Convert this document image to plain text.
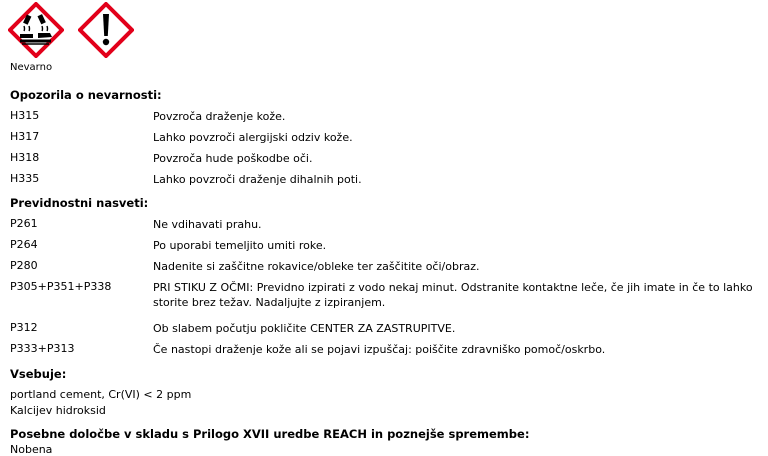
Nevarno
Opozorila o nevarnosti:
H315	Povzroča draženje kože.
H317	Lahko povzroči alergijski odziv kože.
H318	Povzroča hude poškodbe oči.
H335	Lahko povzroči draženje dihalnih poti.
Previdnostni nasveti:
P261	Ne vdihavati prahu.
P264	Po uporabi temeljito umiti roke.
P280	Nadenite si zaščitne rokavice/obleke ter zaščitite oči/obraz.
P305+P351+P338	PRI STIKU Z OČMI: Previdno izpirati z vodo nekaj minut. Odstranite kontaktne leče, če jih imate in če to lahko storite brez težav. Nadaljujte z izpiranjem.
P312	Ob slabem počutju pokličite CENTER ZA ZASTRUPITVE.
P333+P313	Če nastopi draženje kože ali se pojavi izpuščaj: poiščite zdravniško pomoč/oskrbo.
Vsebuje:
portland cement, Cr(VI) < 2 ppm
Kalcijev hidroksid
Posebne določbe v skladu s Prilogo XVII uredbe REACH in poznejše spremembe:
Nobena
